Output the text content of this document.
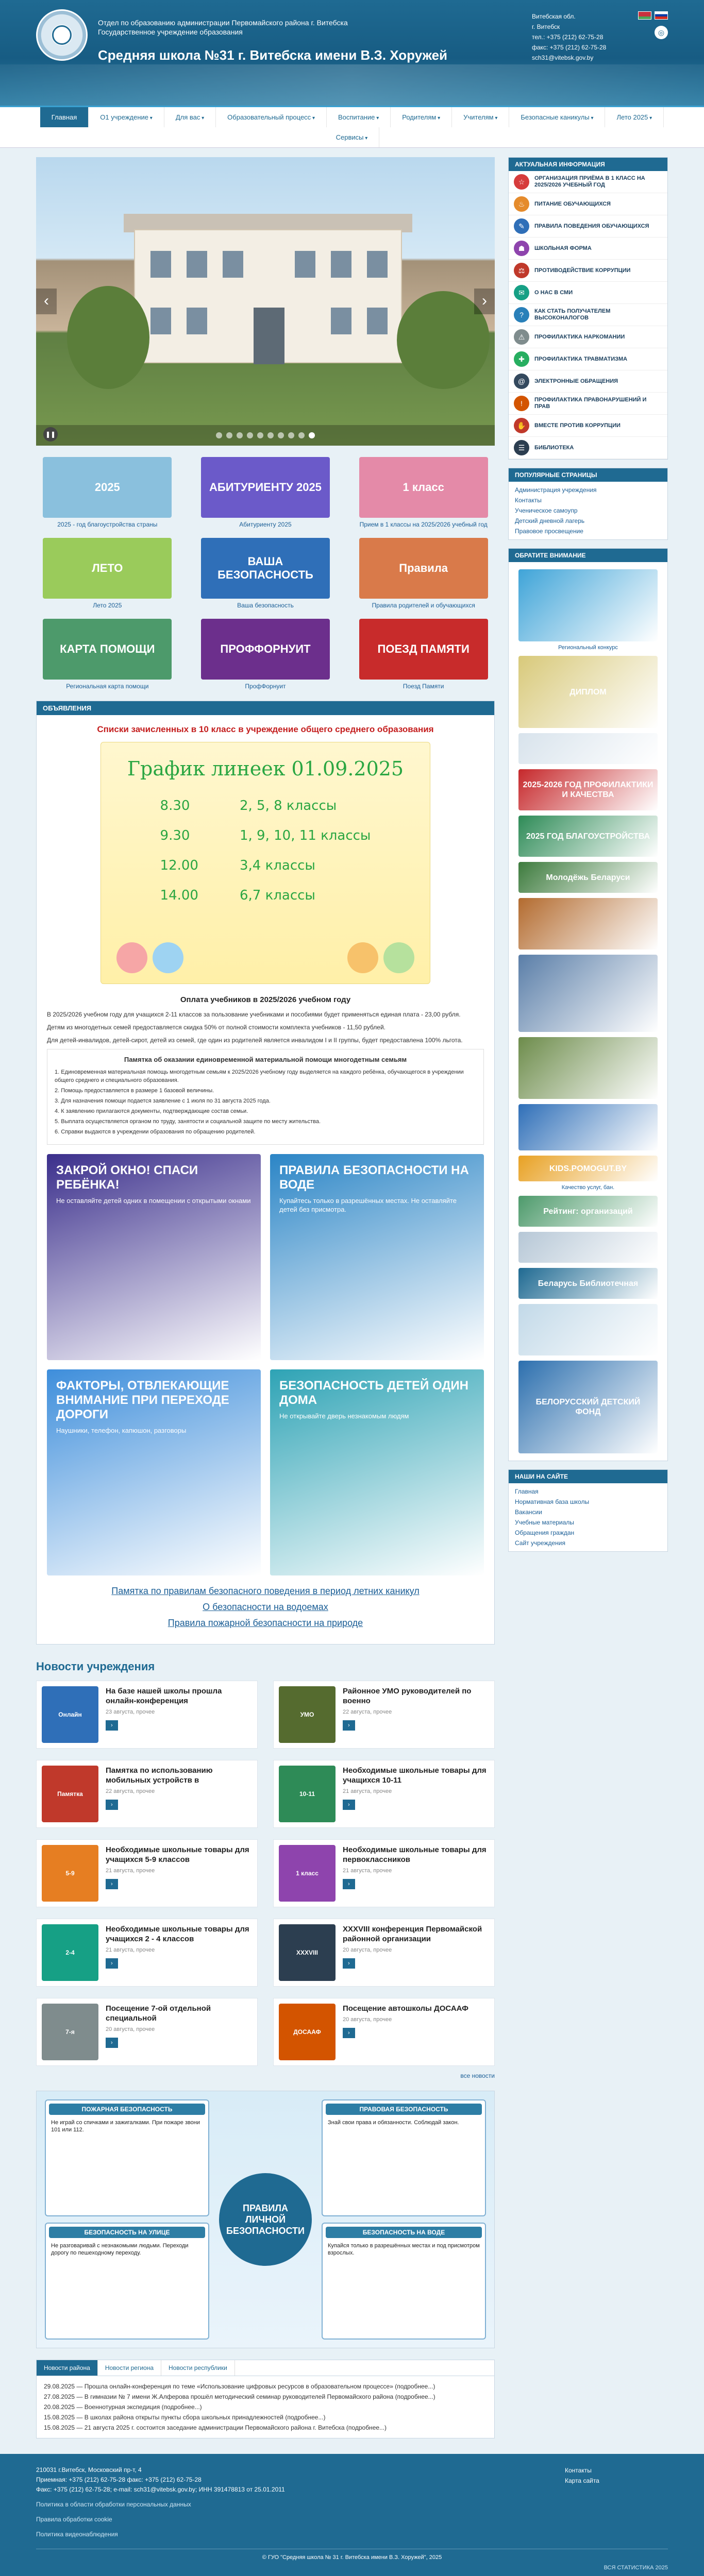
Отдел по образованию администрации Первомайского района г. Витебска
Государственное учреждение образования
Средняя школа №31 г. Витебска имени В.З. Хоружей
Витебская обл.
г. Витебск
тел.: +375 (212) 62-75-28
факс: +375 (212) 62-75-28
sch31@vitebsk.gov.by
◎
Главная	О1 учреждение ▾	Для вас ▾	Образовательный процесс ▾	Воспитание ▾	Родителям ▾	Учителям ▾	Безопасные каникулы ▾	Лето 2025 ▾
Сервисы ▾
‹	›
❚❚
2025
2025 - год благоустройства страны
АБИТУРИЕНТУ 2025
Абитуриенту 2025
1 класс
Прием в 1 классы на 2025/2026 учебный год
ЛЕТО
Лето 2025
ВАША БЕЗОПАСНОСТЬ
Ваша безопасность
Правила
Правила родителей и обучающихся
КАРТА ПОМОЩИ
Региональная карта помощи
ПРОФФОРНУИТ
ПрофФорнуит
ПОЕЗД ПАМЯТИ
Поезд Памяти
ОБЪЯВЛЕНИЯ
Списки зачисленных в 10 класс в учреждение общего среднего образования
График линеек 01.09.2025
8.30	2, 5, 8 классы
9.30	1, 9, 10, 11 классы
12.00	3,4 классы
14.00	6,7 классы
Оплата учебников в 2025/2026 учебном году

В 2025/2026 учебном году для учащихся 2-11 классов за пользование учебниками и пособиями будет применяться единая плата - 23,00 рубля.

Детям из многодетных семей предоставляется скидка 50% от полной стоимости комплекта учебников - 11,50 рублей.

Для детей-инвалидов, детей-сирот, детей из семей, где один из родителей является инвалидом I и II группы, будет предоставлена 100% льгота.

Памятка об оказании единовременной материальной помощи многодетным семьям

1. Единовременная материальная помощь многодетным семьям к 2025/2026 учебному году выделяется на каждого ребёнка, обучающегося в учреждении общего среднего и специального образования.

2. Помощь предоставляется в размере 1 базовой величины.

3. Для назначения помощи подается заявление с 1 июля по 31 августа 2025 года.

4. К заявлению прилагаются документы, подтверждающие состав семьи.

5. Выплата осуществляется органом по труду, занятости и социальной защите по месту жительства.

6. Справки выдаются в учреждении образования по обращению родителей.

ЗАКРОЙ ОКНО! СПАСИ РЕБЁНКА!
Не оставляйте детей одних в помещении с открытыми окнами
ПРАВИЛА БЕЗОПАСНОСТИ НА ВОДЕ
Купайтесь только в разрешённых местах. Не оставляйте детей без присмотра.
ФАКТОРЫ, ОТВЛЕКАЮЩИЕ ВНИМАНИЕ ПРИ ПЕРЕХОДЕ ДОРОГИ
Наушники, телефон, капюшон, разговоры
БЕЗОПАСНОСТЬ ДЕТЕЙ ОДИН ДОМА
Не открывайте дверь незнакомым людям
Памятка по правилам безопасного поведения в период летних каникул
О безопасности на водоемах
Правила пожарной безопасности на природе
Новости учреждения
Онлайн
На базе нашей школы прошла онлайн-конференция
23 августа, прочее
›
УМО
Районное УМО руководителей по военно
22 августа, прочее
›
Памятка
Памятка по использованию мобильных устройств в
22 августа, прочее
›
10-11
Необходимые школьные товары для учащихся 10-11
21 августа, прочее
›
5-9
Необходимые школьные товары для учащихся 5-9 классов
21 августа, прочее
›
1 класс
Необходимые школьные товары для первоклассников
21 августа, прочее
›
2-4
Необходимые школьные товары для учащихся 2 - 4 классов
21 августа, прочее
›
XXXVIII
XXXVIII конференция Первомайской районной организации
20 августа, прочее
›
7-я
Посещение 7-ой отдельной специальной
20 августа, прочее
›
ДОСААФ
Посещение автошколы ДОСААФ
20 августа, прочее
›
все новости
ПОЖАРНАЯ БЕЗОПАСНОСТЬ
Не играй со спичками и зажигалками. При пожаре звони 101 или 112.
БЕЗОПАСНОСТЬ НА УЛИЦЕ
Не разговаривай с незнакомыми людьми. Переходи дорогу по пешеходному переходу.
ПРАВИЛА ЛИЧНОЙ БЕЗОПАСНОСТИ
ПРАВОВАЯ БЕЗОПАСНОСТЬ
Знай свои права и обязанности. Соблюдай закон.
БЕЗОПАСНОСТЬ НА ВОДЕ
Купайся только в разрешённых местах и под присмотром взрослых.
Новости района	Новости региона	Новости республики
29.08.2025 — Прошла онлайн-конференция по теме «Использование цифровых ресурсов в образовательном процессе» (подробнее...)
27.08.2025 — В гимназии № 7 имени Ж.Алферова прошёл методический семинар руководителей Первомайского района (подробнее...)
20.08.2025 — Военнотурная экспедиция (подробнее...)
15.08.2025 — В школах района открыты пункты сбора школьных принадлежностей (подробнее...)
15.08.2025 — 21 августа 2025 г. состоится заседание администрации Первомайского района г. Витебска (подробнее...)
АКТУАЛЬНАЯ ИНФОРМАЦИЯ
☆	ОРГАНИЗАЦИЯ ПРИЁМА В 1 КЛАСС НА 2025/2026 УЧЕБНЫЙ ГОД
♨	ПИТАНИЕ ОБУЧАЮЩИХСЯ
✎	ПРАВИЛА ПОВЕДЕНИЯ ОБУЧАЮЩИХСЯ
☗	ШКОЛЬНАЯ ФОРМА
⚖	ПРОТИВОДЕЙСТВИЕ КОРРУПЦИИ
✉	О НАС В СМИ
?	КАК СТАТЬ ПОЛУЧАТЕЛЕМ ВЫСОКОНАЛОГОВ
⚠	ПРОФИЛАКТИКА НАРКОМАНИИ
✚	ПРОФИЛАКТИКА ТРАВМАТИЗМА
@	ЭЛЕКТРОННЫЕ ОБРАЩЕНИЯ
!	ПРОФИЛАКТИКА ПРАВОНАРУШЕНИЙ И ПРАВ
✋	ВМЕСТЕ ПРОТИВ КОРРУПЦИИ
☰	БИБЛИОТЕКА
ПОПУЛЯРНЫЕ СТРАНИЦЫ
Администрация учреждения
Контакты
Ученическое самоупр
Детский дневной лагерь
Правовое просвещение
ОБРАТИТЕ ВНИМАНИЕ
Региональный конкурс
ДИПЛОМ
2025-2026 ГОД ПРОФИЛАКТИКИ И КАЧЕСТВА
2025 ГОД БЛАГОУСТРОЙСТВА
Молодёжь Беларуси
KIDS.POMOGUT.BY
Качество услуг, бан.
Рейтинг: организаций
Беларусь Библиотечная
БЕЛОРУССКИЙ ДЕТСКИЙ ФОНД
НАШИ НА САЙТЕ
Главная
Нормативная база школы
Вакансии
Учебные материалы
Обращения граждан
Сайт учреждения
210031 г.Витебск, Московский пр-т, 4
Приемная: +375 (212) 62-75-28 факс: +375 (212) 62-75-28
Факс: +375 (212) 62-75-28; e-mail: sch31@vitebsk.gov.by; ИНН 391478813 от 25.01.2011
Политика в области обработки персональных данных
Правила обработки cookie
Политика видеонаблюдения
Контакты
Карта сайта
© ГУО "Средняя школа № 31 г. Витебска имени В.З. Хоружей", 2025
ВСЯ СТАТИСТИКА 2025
